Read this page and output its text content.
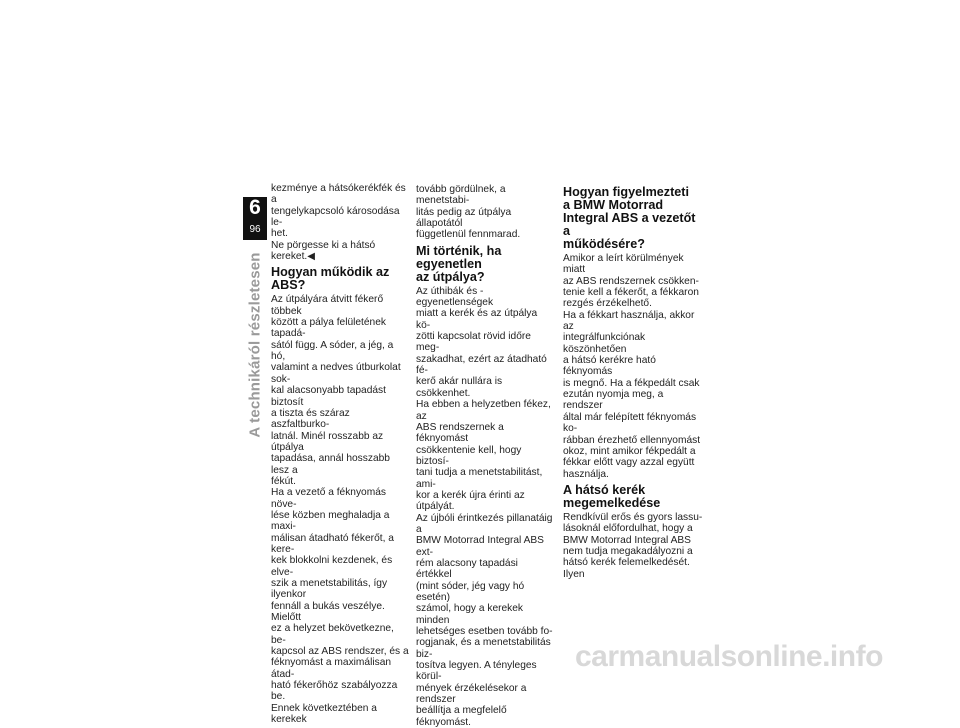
6
96
A technikáról részletesen

kezménye a hátsókerékfék és a
tengelykapcsoló károsodása le-
het.

Ne pörgesse ki a hátsó kereket.◀

Hogyan működik az ABS?

Az útpályára átvitt fékerő többek
között a pálya felületének tapadá-
sától függ. A sóder, a jég, a hó,
valamint a nedves útburkolat sok-
kal alacsonyabb tapadást biztosít
a tiszta és száraz aszfaltburko-
latnál. Minél rosszabb az útpálya
tapadása, annál hosszabb lesz a
fékút.

Ha a vezető a féknyomás növe-
lése közben meghaladja a maxi-
málisan átadható fékerőt, a kere-
kek blokkolni kezdenek, és elve-
szik a menetstabilitás, így ilyenkor
fennáll a bukás veszélye. Mielőtt
ez a helyzet bekövetkezne, be-
kapcsol az ABS rendszer, és a
féknyomást a maximálisan átad-
ható fékerőhöz szabályozza be.
Ennek következtében a kerekek

tovább gördülnek, a menetstabi-
litás pedig az útpálya állapotától
függetlenül fennmarad.

Mi történik, ha egyenetlen
az útpálya?

Az úthibák és -egyenetlenségek
miatt a kerék és az útpálya kö-
zötti kapcsolat rövid időre meg-
szakadhat, ezért az átadható fé-
kerő akár nullára is csökkenhet.
Ha ebben a helyzetben fékez, az
ABS rendszernek a féknyomást
csökkentenie kell, hogy biztosí-
tani tudja a menetstabilitást, ami-
kor a kerék újra érinti az útpályát.
Az újbóli érintkezés pillanatáig a
BMW Motorrad Integral ABS ext-
rém alacsony tapadási értékkel
(mint sóder, jég vagy hó esetén)
számol, hogy a kerekek minden
lehetséges esetben tovább fo-
rogjanak, és a menetstabilitás biz-
tosítva legyen. A tényleges körül-
mények érzékelésekor a rendszer
beállítja a megfelelő féknyomást.

Hogyan figyelmezteti
a BMW Motorrad
Integral ABS a vezetőt a
működésére?

Amikor a leírt körülmények miatt
az ABS rendszernek csökken-
tenie kell a fékerőt, a fékkaron
rezgés érzékelhető.

Ha a fékkart használja, akkor az
integrálfunkciónak köszönhetően
a hátsó kerékre ható féknyomás
is megnő. Ha a fékpedált csak
ezután nyomja meg, a rendszer
által már felépített féknyomás ko-
rábban érezhető ellennyomást
okoz, mint amikor fékpedált a
fékkar előtt vagy azzal együtt
használja.

A hátsó kerék
megemelkedése

Rendkívül erős és gyors lassu-
lásoknál előfordulhat, hogy a
BMW Motorrad Integral ABS
nem tudja megakadályozni a
hátsó kerék felemelkedését. Ilyen

carmanualsonline.info
